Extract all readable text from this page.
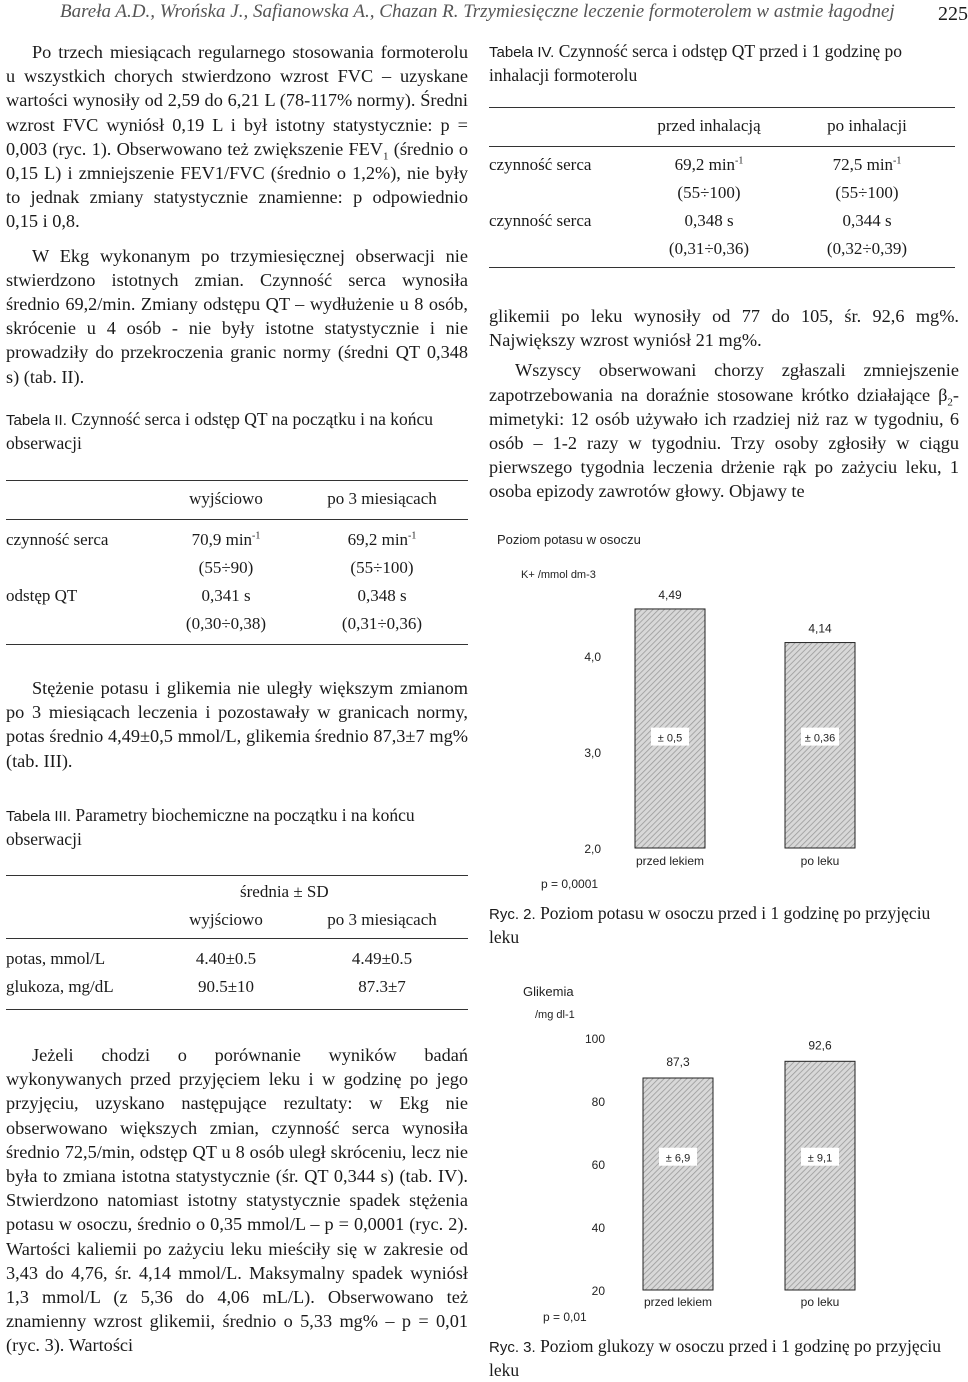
Bareła A.D., Wrońska J., Safianowska A., Chazan R. Trzymiesięczne leczenie formoterolem w astmie łagodnej 225

Po trzech miesiącach regularnego stosowania formoterolu u wszystkich chorych stwierdzono wzrost FVC – uzyskane wartości wynosiły od 2,59 do 6,21 L (78-117% normy). Średni wzrost FVC wyniósł 0,19 L i był istotny statystycznie: p = 0,003 (ryc. 1). Obserwowano też zwiększenie $FEV_1$ (średnio o 0,15 L) i zmniejszenie FEV1/FVC (średnio o 1,2%), nie były to jednak zmiany statystycznie znamienne: p odpowiednio 0,15 i 0,8.

W Ekg wykonanym po trzymiesięcznej obserwacji nie stwierdzono istotnych zmian. Czynność serca wynosiła średnio 69,2/min. Zmiany odstępu QT – wydłużenie u 8 osób, skrócenie u 4 osób - nie były istotne statystycznie i nie prowadziły do przekroczenia granic normy (średni QT 0,348 s) (tab. II).

Tabela II. Czynność serca i odstęp QT na początku i na końcu obserwacji

	wyjściowo	po 3 miesiącach
czynność serca	70,9 $\min^{-1}$	69,2 $\min^{-1}$
	(55÷90)	(55÷100)
odstęp QT	0,341 s	0,348 s
	(0,30÷0,38)	(0,31÷0,36)

Stężenie potasu i glikemia nie uległy większym zmianom po 3 miesiącach leczenia i pozostawały w granicach normy, potas średnio 4,49±0,5 mmol/L, glikemia średnio 87,3±7 mg% (tab. III).

Tabela III. Parametry biochemiczne na początku i na końcu obserwacji

	średnia ± SD	
	wyjściowo	po 3 miesiącach
potas, mmol/L	4.40±0.5	4.49±0.5
glukoza, mg/dL	90.5±10	87.3±7

Jeżeli chodzi o porównanie wyników badań wykonywanych przed przyjęciem leku i w godzinę po jego przyjęciu, uzyskano następujące rezultaty: w Ekg nie obserwowano większych zmian, czynność serca wynosiła średnio 72,5/min, odstęp QT u 8 osób uległ skróceniu, lecz nie była to zmiana istotna statystycznie (śr. QT 0,344 s) (tab. IV). Stwierdzono natomiast istotny statystycznie spadek stężenia potasu w osoczu, średnio o 0,35 mmol/L – p = 0,0001 (ryc. 2). Wartości kaliemii po zażyciu leku mieściły się w zakresie od 3,43 do 4,76, śr. 4,14 mmol/L. Maksymalny spadek wyniósł 1,3 mmol/L (z 5,36 do 4,06 mL/L). Obserwowano też znamienny wzrost glikemii, średnio o 5,33 mg% – p = 0,01 (ryc. 3). Wartości

Tabela IV. Czynność serca i odstęp QT przed i 1 godzinę po inhalacji formoterolu

	przed inhalacją	po inhalacji
czynność serca	69,2 $\min^{-1}$	72,5 $\min^{-1}$
	(55÷100)	(55÷100)
czynność serca	0,348 s	0,344 s
	(0,31÷0,36)	(0,32÷0,39)

glikemii po leku wynosiły od 77 do 105, śr. 92,6 mg%. Największy wzrost wyniósł 21 mg%.

Wszyscy obserwowani chorzy zgłaszali zmniejszenie zapotrzebowania na doraźnie stosowane krótko działające $\beta_2$-mimetyki: 12 osób używało ich rzadziej niż raz w tygodniu, 6 osób – 1-2 razy w tygodniu. Trzy osoby zgłosiły w ciągu pierwszego tygodnia leczenia drżenie rąk po zażyciu leku, 1 osoba epizody zawrotów głowy. Objawy te

Poziom potasu w osoczu
K+ /mmol dm-3
4,0
3,0
2,0
4,49
± 0,5
przed lekiem
4,14
± 0,36
po leku
p = 0,0001

Ryc. 2. Poziom potasu w osoczu przed i 1 godzinę po przyjęciu leku

Glikemia
/mg dl-1
100
80
60
40
20
87,3
± 6,9
przed lekiem
92,6
± 9,1
po leku
p = 0,01

Ryc. 3. Poziom glukozy w osoczu przed i 1 godzinę po przyjęciu leku
